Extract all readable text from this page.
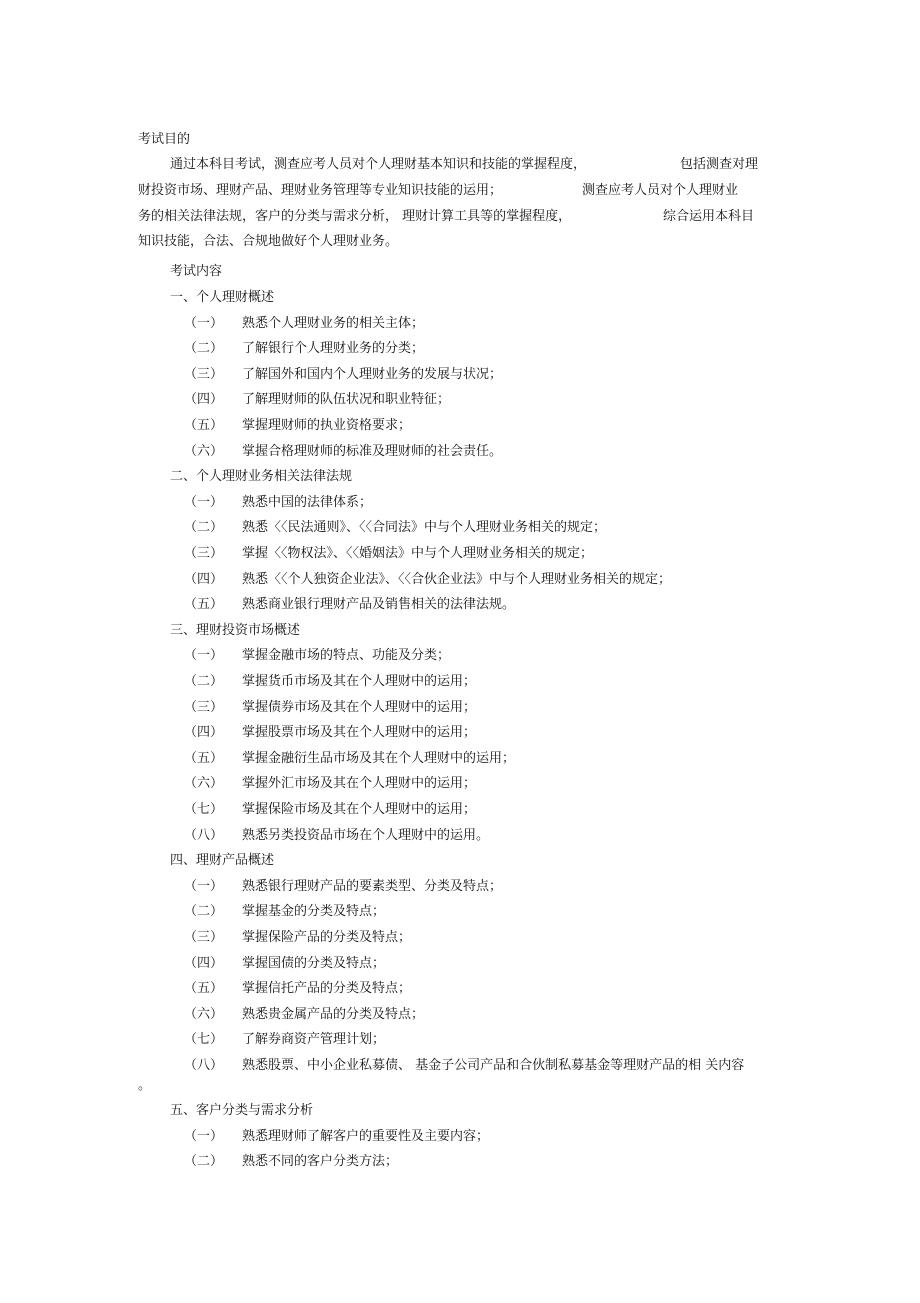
考试目的
通过本科目考试，测查应考人员对个人理财基本知识和技能的掌握程度，	包括测查对理
财投资市场、理财产品、理财业务管理等专业知识技能的运用；	测查应考人员对个人理财业
务的相关法律法规，客户的分类与需求分析， 理财计算工具等的掌握程度，	综合运用本科目
知识技能，合法、合规地做好个人理财业务。
考试内容
一、个人理财概述
（一） 熟悉个人理财业务的相关主体；
（二） 了解银行个人理财业务的分类；
（三） 了解国外和国内个人理财业务的发展与状况；
（四） 了解理财师的队伍状况和职业特征；
（五） 掌握理财师的执业资格要求；
（六） 掌握合格理财师的标准及理财师的社会责任。
二、个人理财业务相关法律法规
（一） 熟悉中国的法律体系；
（二） 熟悉〈〈民法通则》、〈〈合同法》中与个人理财业务相关的规定；
（三） 掌握〈〈物权法》、〈〈婚姻法》中与个人理财业务相关的规定；
（四） 熟悉〈〈个人独资企业法》、〈〈合伙企业法》中与个人理财业务相关的规定；
（五） 熟悉商业银行理财产品及销售相关的法律法规。
三、理财投资市场概述
（一） 掌握金融市场的特点、功能及分类；
（二） 掌握货币市场及其在个人理财中的运用；
（三） 掌握债券市场及其在个人理财中的运用；
（四） 掌握股票市场及其在个人理财中的运用；
（五） 掌握金融衍生品市场及其在个人理财中的运用；
（六） 掌握外汇市场及其在个人理财中的运用；
（七） 掌握保险市场及其在个人理财中的运用；
（八） 熟悉另类投资品市场在个人理财中的运用。
四、理财产品概述
（一） 熟悉银行理财产品的要素类型、分类及特点；
（二） 掌握基金的分类及特点；
（三） 掌握保险产品的分类及特点；
（四） 掌握国债的分类及特点；
（五） 掌握信托产品的分类及特点；
（六） 熟悉贵金属产品的分类及特点；
（七） 了解券商资产管理计划；
（八） 熟悉股票、中小企业私募债、 基金子公司产品和合伙制私募基金等理财产品的相 关内容
。
五、客户分类与需求分析
（一） 熟悉理财师了解客户的重要性及主要内容；
（二） 熟悉不同的客户分类方法；
